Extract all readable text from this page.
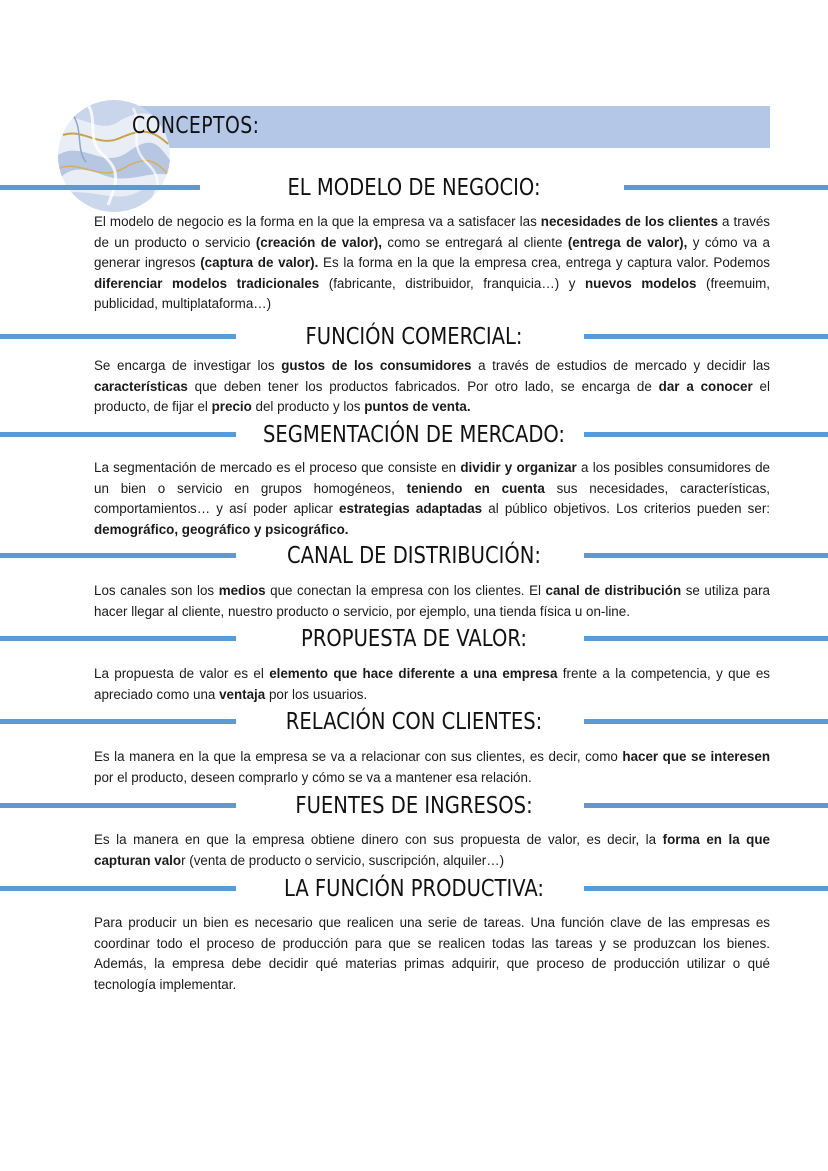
CONCEPTOS:
EL MODELO DE NEGOCIO:
El modelo de negocio es la forma en la que la empresa va a satisfacer las necesidades de los clientes a través de un producto o servicio (creación de valor), como se entregará al cliente (entrega de valor), y cómo va a generar ingresos (captura de valor). Es la forma en la que la empresa crea, entrega y captura valor. Podemos diferenciar modelos tradicionales (fabricante, distribuidor, franquicia…) y nuevos modelos (freemuim, publicidad, multiplataforma…)
FUNCIÓN COMERCIAL:
Se encarga de investigar los gustos de los consumidores a través de estudios de mercado y decidir las características que deben tener los productos fabricados. Por otro lado, se encarga de dar a conocer el producto, de fijar el precio del producto y los puntos de venta.
SEGMENTACIÓN DE MERCADO:
La segmentación de mercado es el proceso que consiste en dividir y organizar a los posibles consumidores de un bien o servicio en grupos homogéneos, teniendo en cuenta sus necesidades, características, comportamientos… y así poder aplicar estrategias adaptadas al público objetivos. Los criterios pueden ser: demográfico, geográfico y psicográfico.
CANAL DE DISTRIBUCIÓN:
Los canales son los medios que conectan la empresa con los clientes. El canal de distribución se utiliza para hacer llegar al cliente, nuestro producto o servicio, por ejemplo, una tienda física u on-line.
PROPUESTA DE VALOR:
La propuesta de valor es el elemento que hace diferente a una empresa frente a la competencia, y que es apreciado como una ventaja por los usuarios.
RELACIÓN CON CLIENTES:
Es la manera en la que la empresa se va a relacionar con sus clientes, es decir, como hacer que se interesen por el producto, deseen comprarlo y cómo se va a mantener esa relación.
FUENTES DE INGRESOS:
Es la manera en que la empresa obtiene dinero con sus propuesta de valor, es decir, la forma en la que capturan valor (venta de producto o servicio, suscripción, alquiler…)
LA FUNCIÓN PRODUCTIVA:
Para producir un bien es necesario que realicen una serie de tareas. Una función clave de las empresas es coordinar todo el proceso de producción para que se realicen todas las tareas y se produzcan los bienes. Además, la empresa debe decidir qué materias primas adquirir, que proceso de producción utilizar o qué tecnología implementar.
